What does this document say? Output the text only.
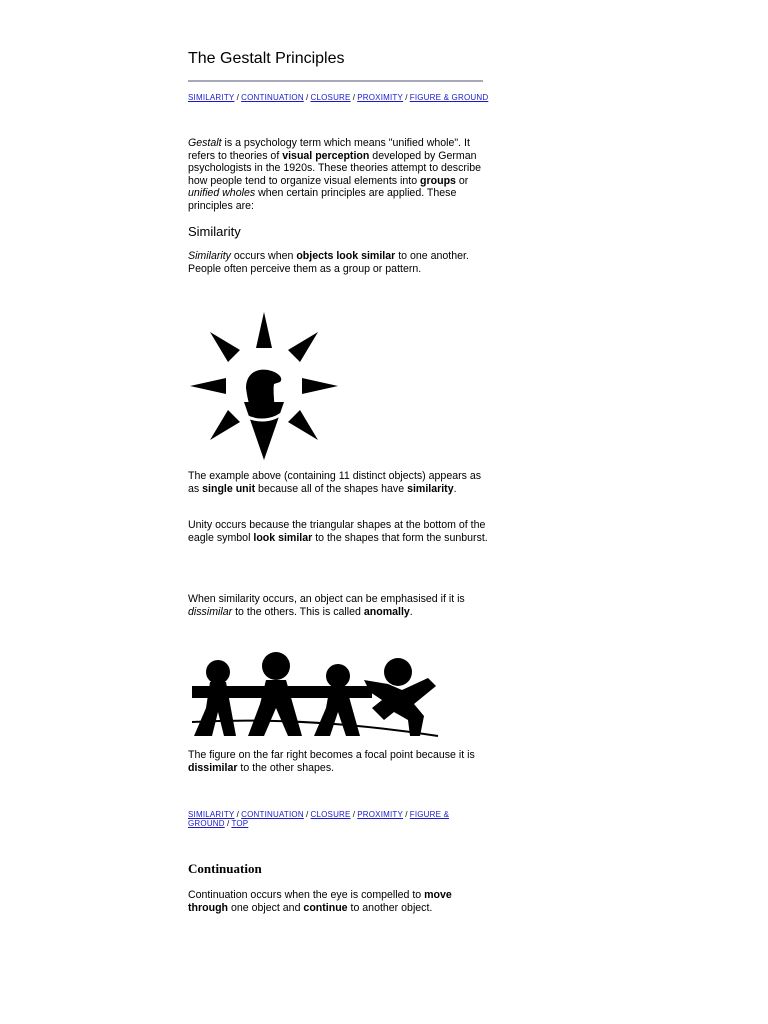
The Gestalt Principles
SIMILARITY / CONTINUATION / CLOSURE / PROXIMITY / FIGURE & GROUND

Gestalt is a psychology term which means "unified whole". It refers to theories of visual perception developed by German psychologists in the 1920s. These theories attempt to describe how people tend to organize visual elements into groups or unified wholes when certain principles are applied. These principles are:

Similarity

Similarity occurs when objects look similar to one another. People often perceive them as a group or pattern.

The example above (containing 11 distinct objects) appears as as single unit because all of the shapes have similarity.

Unity occurs because the triangular shapes at the bottom of the eagle symbol look similar to the shapes that form the sunburst.

When similarity occurs, an object can be emphasised if it is dissimilar to the others. This is called anomally.

The figure on the far right becomes a focal point because it is dissimilar to the other shapes.

SIMILARITY / CONTINUATION / CLOSURE / PROXIMITY / FIGURE &
GROUND / TOP
Continuation

Continuation occurs when the eye is compelled to move through one object and continue to another object.
